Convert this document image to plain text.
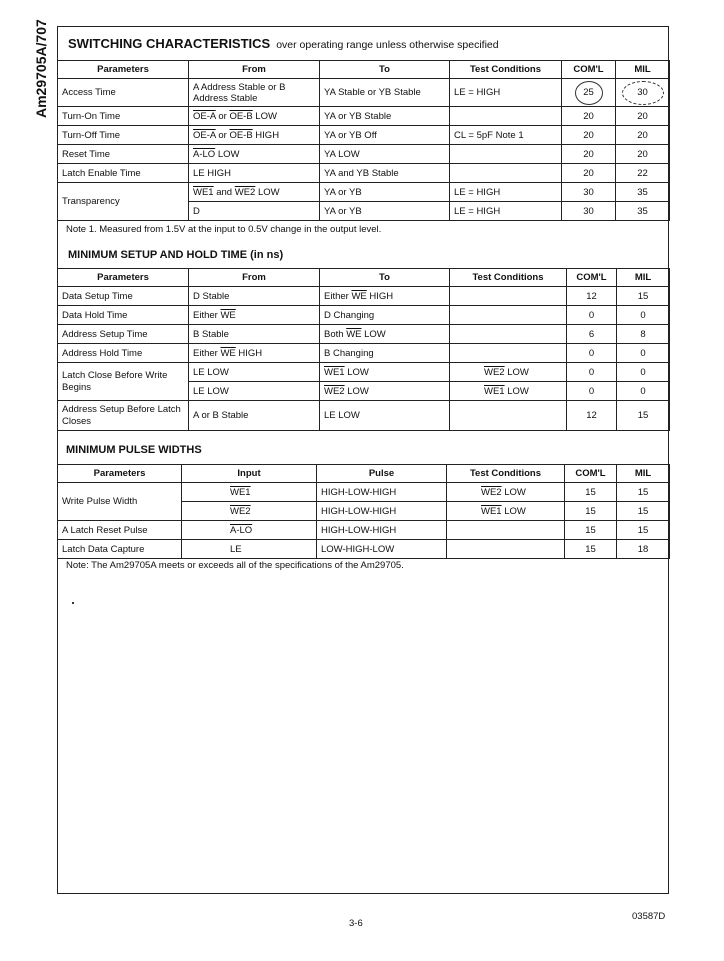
Am29705A/707 SWITCHING CHARACTERISTICS over operating range unless otherwise specified
Parameters	From	To	Test Conditions	COM'L	MIL
Access Time	A Address Stable or B Address Stable	YA Stable or YB Stable	LE = HIGH	25	30
Turn-On Time	OE-A or OE-B LOW	YA or YB Stable		20	20
Turn-Off Time	OE-A or OE-B HIGH	YA or YB Off	CL = 5pF Note 1	20	20
Reset Time	A-LO LOW	YA LOW		20	20
Latch Enable Time	LE HIGH	YA and YB Stable		20	22
Transparency	WE1 and WE2 LOW	YA or YB	LE = HIGH	30	35
	D	YA or YB	LE = HIGH	30	35
Note 1. Measured from 1.5V at the input to 0.5V change in the output level.
MINIMUM SETUP AND HOLD TIME (in ns)
Parameters	From	To	Test Conditions	COM'L	MIL
Data Setup Time	D Stable	Either $\overline{WE}$ HIGH		12	15
Data Hold Time	Either $\overline{WE}$	D Changing		0	0
Address Setup Time	B Stable	Both $\overline{WE}$ LOW		6	8
Address Hold Time	Either $\overline{WE}$ HIGH	B Changing		0	0
Latch Close Before Write Begins	LE LOW	WE1 LOW	WE2 LOW	0	0
	LE LOW	WE2 LOW	WE1 LOW	0	0
Address Setup Before Latch Closes	A or B Stable	LE LOW		12	15
MINIMUM PULSE WIDTHS
Parameters	Input	Pulse	Test Conditions	COM'L	MIL
Write Pulse Width	WE1	HIGH-LOW-HIGH	WE2 LOW	15	15
	WE2	HIGH-LOW-HIGH	WE1 LOW	15	15
A Latch Reset Pulse	A-LO	HIGH-LOW-HIGH		15	15
Latch Data Capture	LE	LOW-HIGH-LOW		15	18
Note: The Am29705A meets or exceeds all of the specifications of the Am29705.
3-6
03587D
